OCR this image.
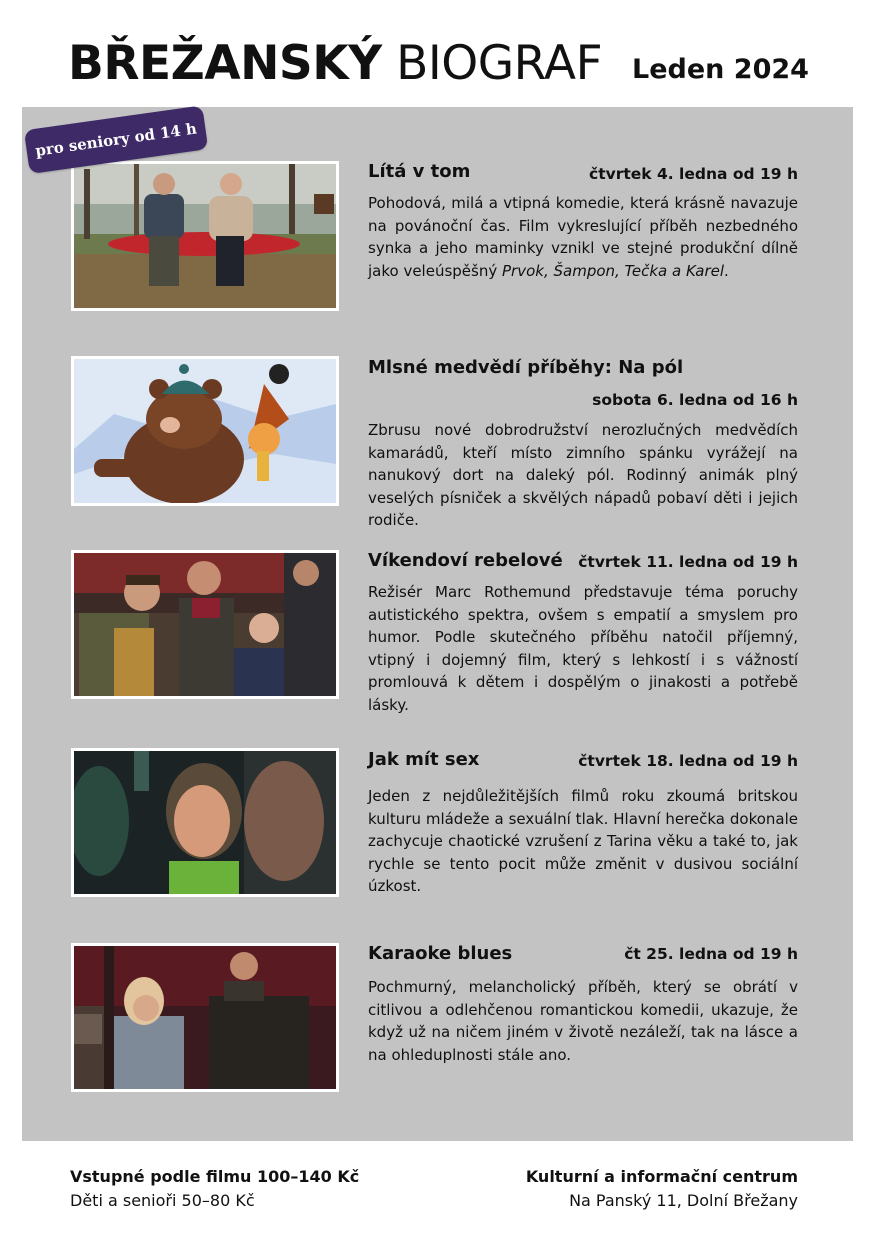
BŘEŽANSKÝ BIOGRAF Leden 2024
pro seniory od 14 h
Lítá v tom	čtvrtek 4. ledna od 19 h
Pohodová, milá a vtipná komedie, která krásně navazuje na povánoční čas. Film vykreslující příběh nezbedného synka a jeho maminky vznikl ve stejné produkční dílně jako veleúspěšný Prvok, Šampon, Tečka a Karel.
Mlsné medvědí příběhy: Na pól
sobota 6. ledna od 16 h
Zbrusu nové dobrodružství nerozlučných medvědích kamarádů, kteří místo zimního spánku vyrážejí na nanukový dort na daleký pól. Rodinný animák plný veselých písniček a skvělých nápadů pobaví děti i jejich rodiče.
Víkendoví rebelové čtvrtek 11. ledna od 19 h
Režisér Marc Rothemund představuje téma poruchy autistického spektra, ovšem s empatií a smyslem pro humor. Podle skutečného příběhu natočil příjemný, vtipný i dojemný film, který s lehkostí i s vážností promlouvá k dětem i dospělým o jinakosti a potřebě lásky.
Jak mít sex	čtvrtek 18. ledna od 19 h
Jeden z nejdůležitějších filmů roku zkoumá britskou kulturu mládeže a sexuální tlak. Hlavní herečka dokonale zachycuje chaotické vzrušení z Tarina věku a také to, jak rychle se tento pocit může změnit v dusivou sociální úzkost.
Karaoke blues	čt 25. ledna od 19 h
Pochmurný, melancholický příběh, který se obrátí v citlivou a odlehčenou romantickou komedii, ukazuje, že když už na ničem jiném v životě nezáleží, tak na lásce a na ohleduplnosti stále ano.
Vstupné podle filmu 100–140 Kč
Děti a senioři 50–80 Kč
Kulturní a informační centrum
Na Panský 11, Dolní Břežany
